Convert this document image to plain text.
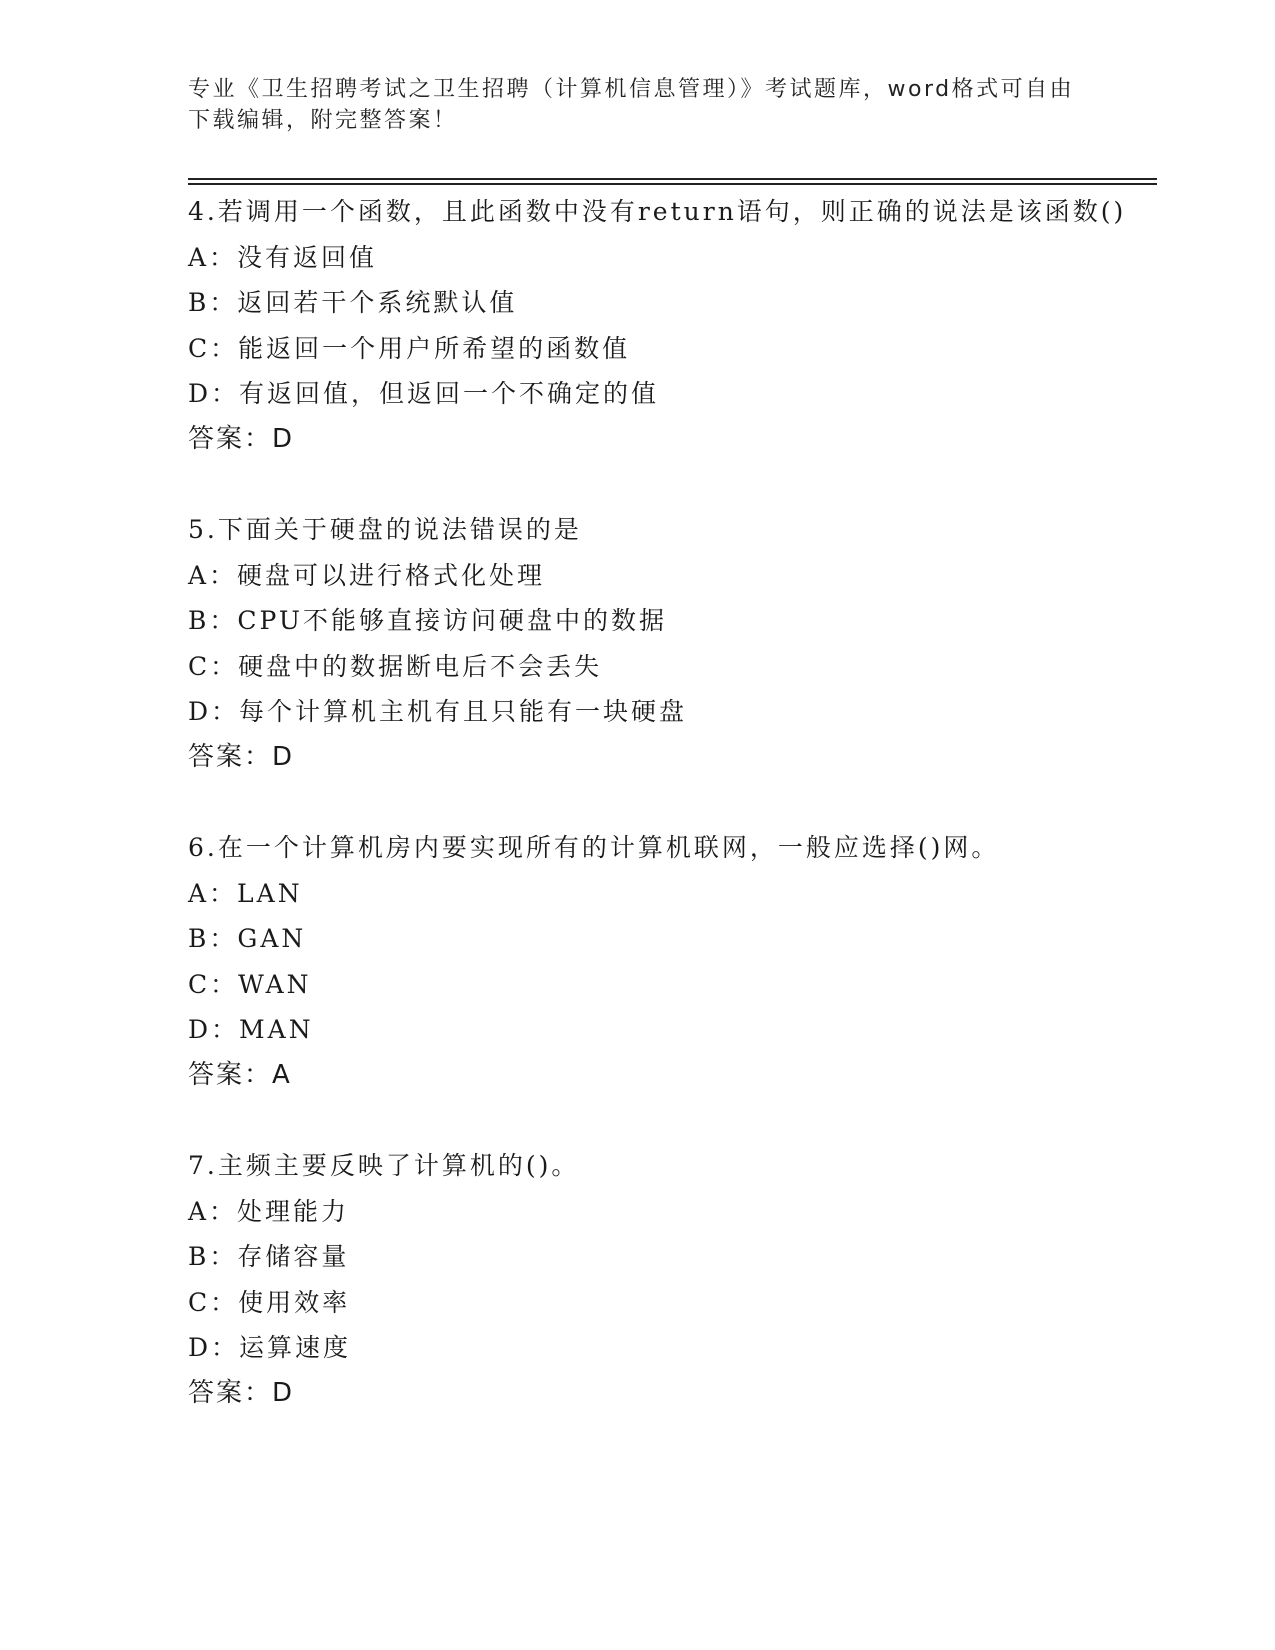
专业《卫生招聘考试之卫生招聘（计算机信息管理）》考试题库，word格式可自由下载编辑，附完整答案！

4.若调用一个函数，且此函数中没有return语句，则正确的说法是该函数()

A：没有返回值

B：返回若干个系统默认值

C：能返回一个用户所希望的函数值

D：有返回值，但返回一个不确定的值

答案：D

5.下面关于硬盘的说法错误的是

A：硬盘可以进行格式化处理

B：CPU不能够直接访问硬盘中的数据

C：硬盘中的数据断电后不会丢失

D：每个计算机主机有且只能有一块硬盘

答案：D

6.在一个计算机房内要实现所有的计算机联网，一般应选择()网。

A：LAN

B：GAN

C：WAN

D：MAN

答案：A

7.主频主要反映了计算机的()。

A：处理能力

B：存储容量

C：使用效率

D：运算速度

答案：D
